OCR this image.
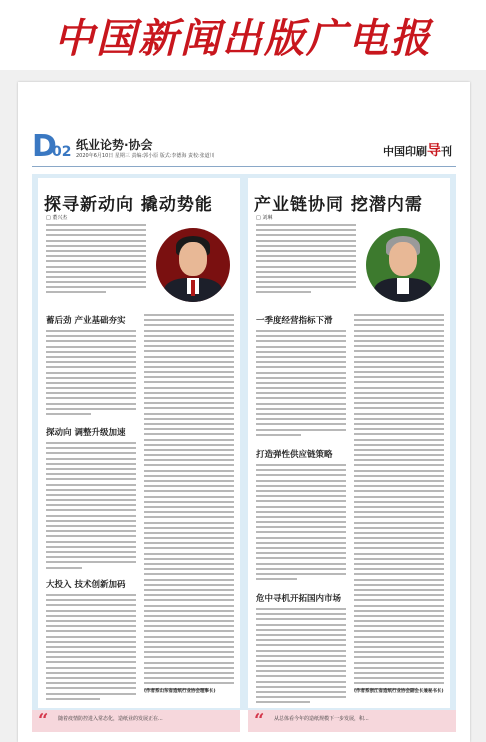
中国新闻出版广电报
D
02 纸业论势·协会
2020年6月10日 星期三 责编:郭小原 版式:李德海 责校:张道川	中国印刷导刊
探寻新动向 撬动势能
□ 董兴杰
蓄后劲 产业基础夯实
探动向 调整升级加速
大投入 技术创新加码
(作者系山东省造纸行业协会理事长)
产业链协同 挖潜内需
□ 刘琳
一季度经营指标下滑
打造弹性供应链策略
危中寻机开拓国内市场
(作者系浙江省造纸行业协会副会长兼秘书长)
“ 随着疫情防控进入常态化，造纸业的发展正在...	“ 从总体看今年的造纸规模下一步发展，积...
